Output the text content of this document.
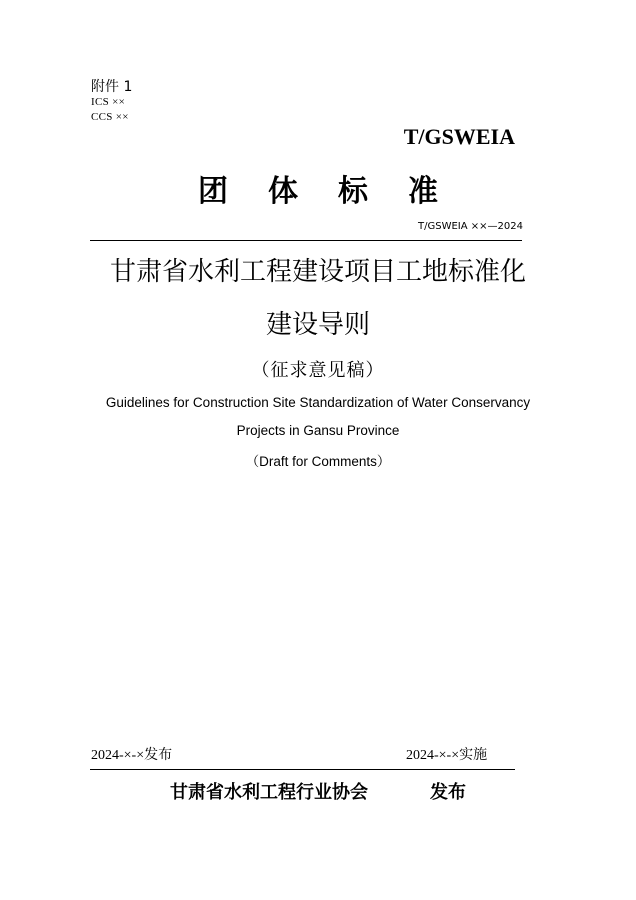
附件 1
ICS ××
CCS ××
T/GSWEIA
团体标准
T/GSWEIA ××—2024
甘肃省水利工程建设项目工地标准化
建设导则
（征求意见稿）
Guidelines for Construction Site Standardization of Water Conservancy
Projects in Gansu Province
（Draft for Comments）
2024-×-×发布	2024-×-×实施
甘肃省水利工程行业协会	发布
